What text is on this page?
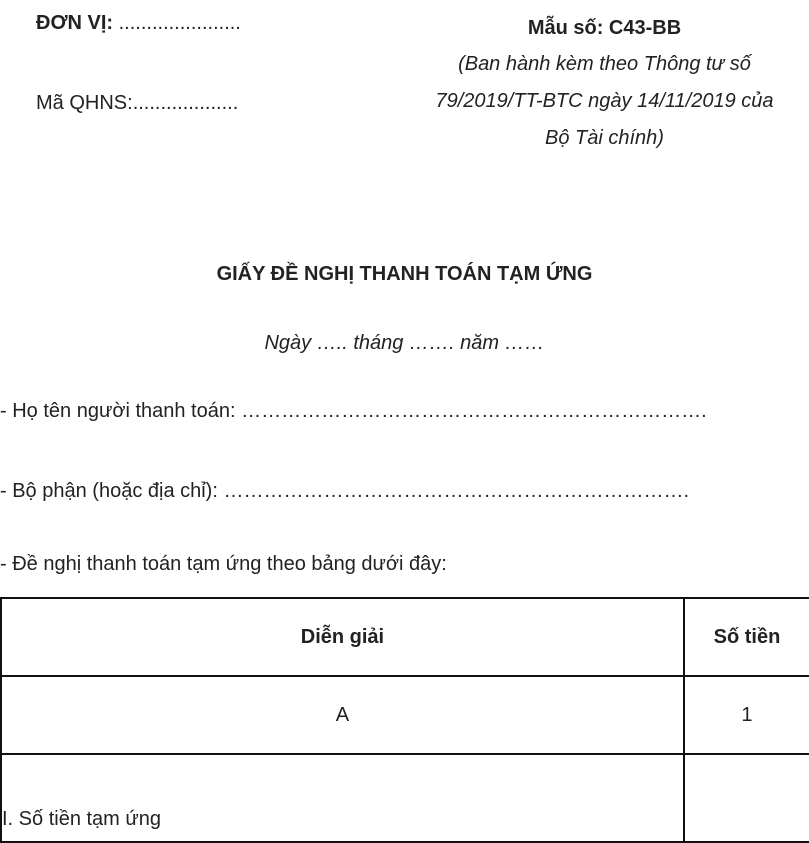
ĐƠN VỊ: ......................
Mã QHNS:...................
Mẫu số: C43-BB
(Ban hành kèm theo Thông tư số
79/2019/TT-BTC ngày 14/11/2019 của
Bộ Tài chính)
GIẤY ĐỀ NGHỊ THANH TOÁN TẠM ỨNG
Ngày ….. tháng ……. năm ……
- Họ tên người thanh toán: …………………………………………………………….
- Bộ phận (hoặc địa chỉ): …………………………………………………………….
- Đề nghị thanh toán tạm ứng theo bảng dưới đây:
Diễn giải	Số tiền
A	1
I. Số tiền tạm ứng	
